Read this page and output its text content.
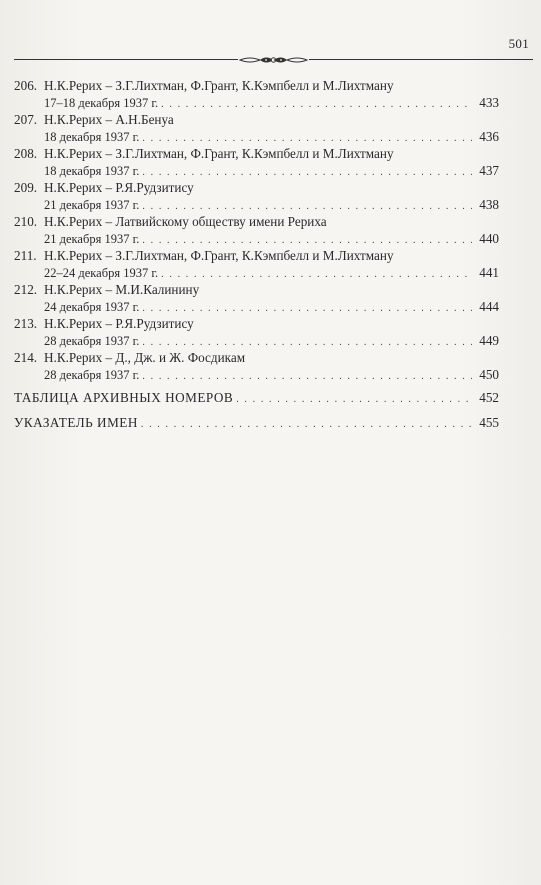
501
206. Н.К.Рерих – З.Г.Лихтман, Ф.Грант, К.Кэмпбелл и М.Лихтману
17–18 декабря 1937 г. . . .	433
207. Н.К.Рерих – А.Н.Бенуа
18 декабря 1937 г. . . .	436
208. Н.К.Рерих – З.Г.Лихтман, Ф.Грант, К.Кэмпбелл и М.Лихтману
18 декабря 1937 г. . . .	437
209. Н.К.Рерих – Р.Я.Рудзитису
21 декабря 1937 г. . . .	438
210. Н.К.Рерих – Латвийскому обществу имени Рериха
21 декабря 1937 г. . . .	440
211. Н.К.Рерих – З.Г.Лихтман, Ф.Грант, К.Кэмпбелл и М.Лихтману
22–24 декабря 1937 г. . . .	441
212. Н.К.Рерих – М.И.Калинину
24 декабря 1937 г. . . .	444
213. Н.К.Рерих – Р.Я.Рудзитису
28 декабря 1937 г. . . .	449
214. Н.К.Рерих – Д., Дж. и Ж. Фосдикам
28 декабря 1937 г. . . .	450
ТАБЛИЦА АРХИВНЫХ НОМЕРОВ . . .	452
УКАЗАТЕЛЬ ИМЕН . . .	455
